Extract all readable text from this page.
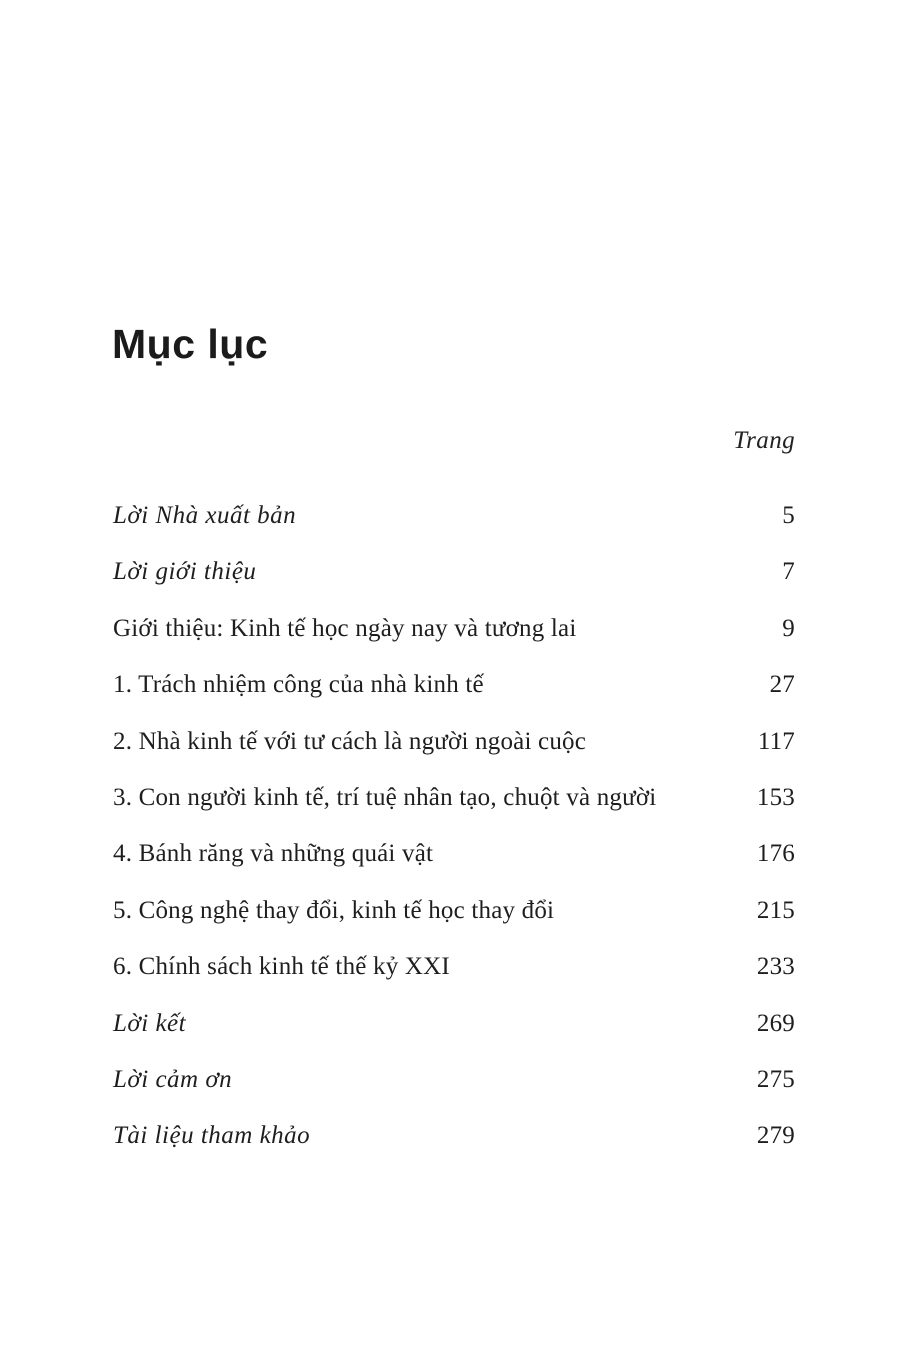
Mục lục
Trang
Lời Nhà xuất bản	5
Lời giới thiệu	7
Giới thiệu: Kinh tế học ngày nay và tương lai	9
1. Trách nhiệm công của nhà kinh tế	27
2. Nhà kinh tế với tư cách là người ngoài cuộc	117
3. Con người kinh tế, trí tuệ nhân tạo, chuột và người	153
4. Bánh răng và những quái vật	176
5. Công nghệ thay đổi, kinh tế học thay đổi	215
6. Chính sách kinh tế thế kỷ XXI	233
Lời kết	269
Lời cảm ơn	275
Tài liệu tham khảo	279
